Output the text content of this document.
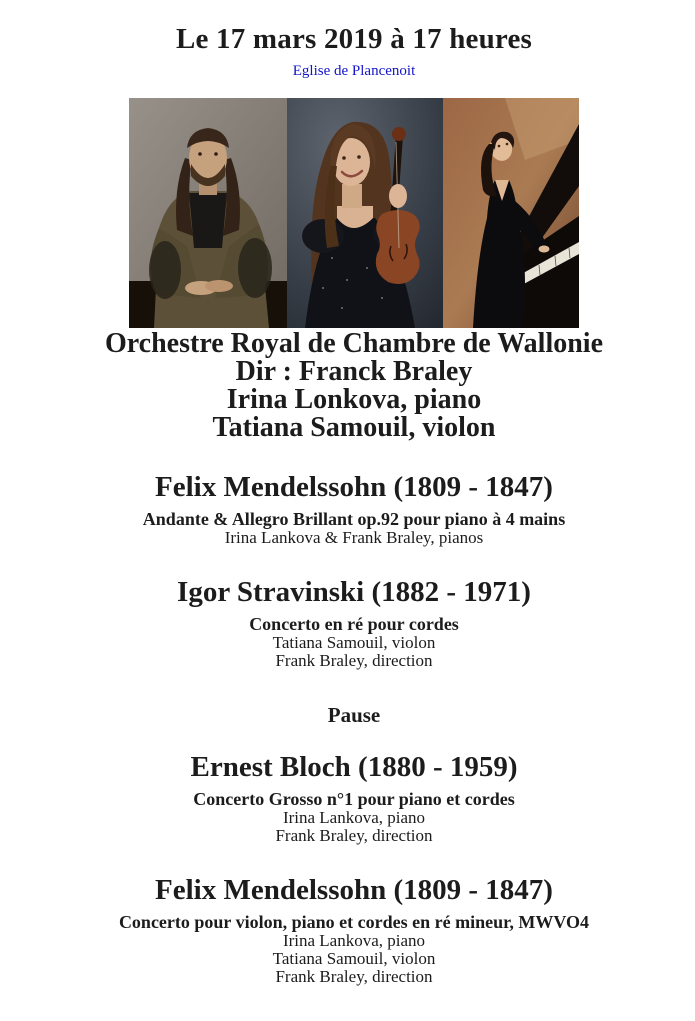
Le 17 mars 2019 à 17 heures
Eglise de Plancenoit
Orchestre Royal de Chambre de Wallonie
Dir : Franck Braley
Irina Lonkova, piano
Tatiana Samouil, violon
Felix Mendelssohn (1809 - 1847)
Andante & Allegro Brillant op.92 pour piano à 4 mains
Irina Lankova & Frank Braley, pianos
Igor Stravinski (1882 - 1971)
Concerto en ré pour cordes
Tatiana Samouil, violon
Frank Braley, direction
Pause
Ernest Bloch (1880 - 1959)
Concerto Grosso n°1 pour piano et cordes
Irina Lankova, piano
Frank Braley, direction
Felix Mendelssohn (1809 - 1847)
Concerto pour violon, piano et cordes en ré mineur, MWVO4
Irina Lankova, piano
Tatiana Samouil, violon
Frank Braley, direction
